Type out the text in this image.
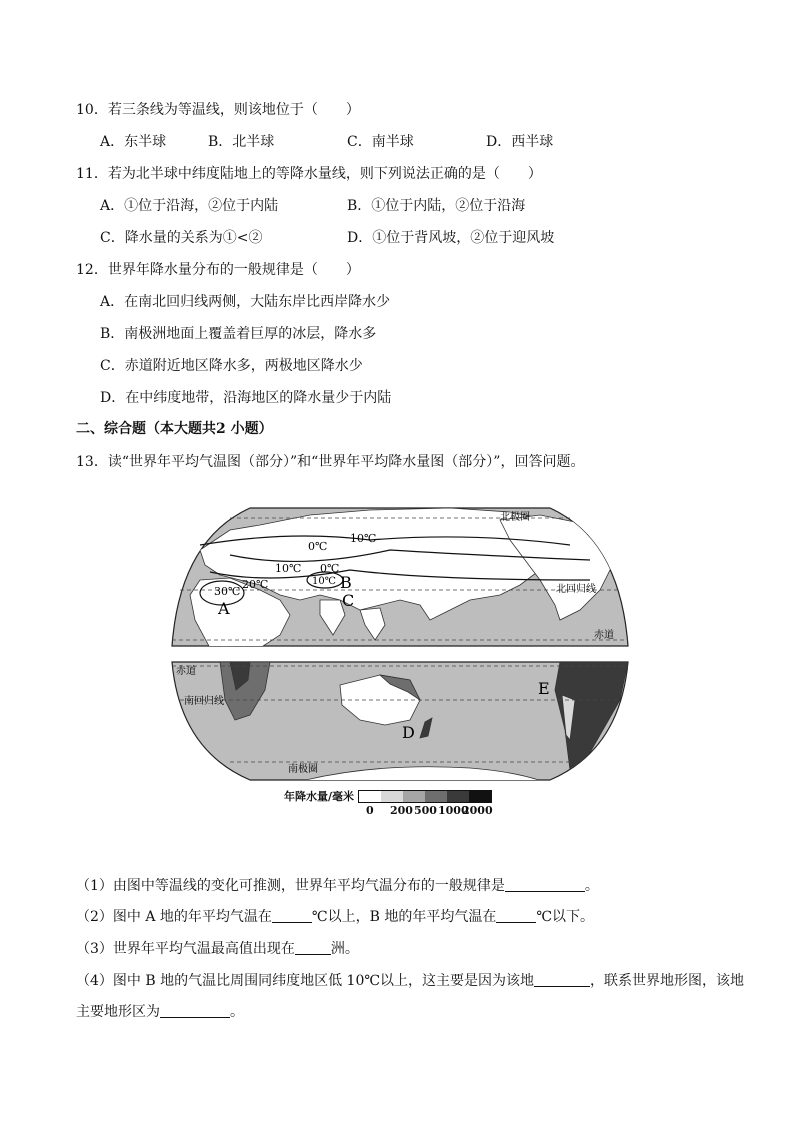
10．若三条线为等温线，则该地位于（　　）
A．东半球	B．北半球	C．南半球	D．西半球
11．若为北半球中纬度陆地上的等降水量线，则下列说法正确的是（　　）
A．①位于沿海，②位于内陆	B．①位于内陆，②位于沿海
C．降水量的关系为①<②	D．①位于背风坡，②位于迎风坡
12．世界年降水量分布的一般规律是（　　）
A．在南北回归线两侧，大陆东岸比西岸降水少
B．南极洲地面上覆盖着巨厚的冰层，降水多
C．赤道附近地区降水多，两极地区降水少
D．在中纬度地带，沿海地区的降水量少于内陆
二、综合题（本大题共2 小题）
13．读“世界年平均气温图（部分）”和“世界年平均降水量图（部分）”，回答问题。
北极圈
北回归线
赤道
0℃
10℃
10℃ 0℃
20℃
30℃
10℃
A
B
C
赤道
南回归线
南极圈
D
E
年降水量/毫米
0	200 500 1000
2000
（1）由图中等温线的变化可推测，世界年平均气温分布的一般规律是	。
（2）图中 A 地的年平均气温在	℃以上，B 地的年平均气温在	℃以下。
（3）世界年平均气温最高值出现在	洲。
（4）图中 B 地的气温比周围同纬度地区低 10℃以上，这主要是因为该地	，联系世界地形图，该地
主要地形区为	。
